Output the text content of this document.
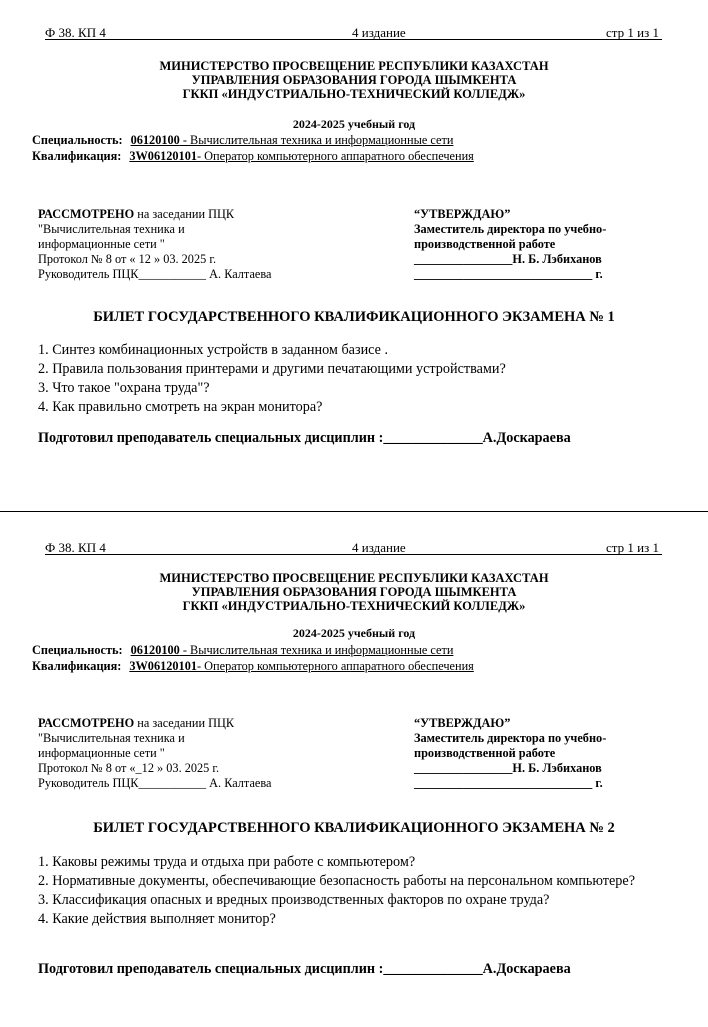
Ф 38. КП 4	4 издание	стр 1 из 1
МИНИСТЕРСТВО ПРОСВЕЩЕНИЕ РЕСПУБЛИКИ КАЗАХСТАН
УПРАВЛЕНИЯ ОБРАЗОВАНИЯ ГОРОДА ШЫМКЕНТА
ГККП «ИНДУСТРИАЛЬНО-ТЕХНИЧЕСКИЙ КОЛЛЕДЖ»
2024-2025 учебный год
Специальность: 06120100 - Вычислительная техника и информационные сети
Квалификация: 3W06120101- Оператор компьютерного аппаратного обеспечения
РАССМОТРЕНО на заседании ПЦК
"Вычислительная техника и
информационные сети "
Протокол № 8 от « 12 » 03. 2025 г.
Руководитель ПЦК___________ А. Калтаева
“УТВЕРЖДАЮ”
Заместитель директора по учебно-
производственной работе
________________Н. Б. Лэбиханов
_____________________________ г.
БИЛЕТ ГОСУДАРСТВЕННОГО КВАЛИФИКАЦИОННОГО ЭКЗАМЕНА № 1
1. Синтез комбинационных устройств в заданном базисе .
2. Правила пользования принтерами и другими печатающими устройствами?
3. Что такое "охрана труда"?
4. Как правильно смотреть на экран монитора?
Подготовил преподаватель специальных дисциплин :______________А.Доскараева
Ф 38. КП 4	4 издание	стр 1 из 1
МИНИСТЕРСТВО ПРОСВЕЩЕНИЕ РЕСПУБЛИКИ КАЗАХСТАН
УПРАВЛЕНИЯ ОБРАЗОВАНИЯ ГОРОДА ШЫМКЕНТА
ГККП «ИНДУСТРИАЛЬНО-ТЕХНИЧЕСКИЙ КОЛЛЕДЖ»
2024-2025 учебный год
Специальность: 06120100 - Вычислительная техника и информационные сети
Квалификация: 3W06120101- Оператор компьютерного аппаратного обеспечения
РАССМОТРЕНО на заседании ПЦК
"Вычислительная техника и
информационные сети "
Протокол № 8 от «_12 » 03. 2025 г.
Руководитель ПЦК___________ А. Калтаева
“УТВЕРЖДАЮ”
Заместитель директора по учебно-
производственной работе
________________Н. Б. Лэбиханов
_____________________________ г.
БИЛЕТ ГОСУДАРСТВЕННОГО КВАЛИФИКАЦИОННОГО ЭКЗАМЕНА № 2
1. Каковы режимы труда и отдыха при работе с компьютером?
2. Нормативные документы, обеспечивающие безопасность работы на персональном компьютере?
3. Классификация опасных и вредных производственных факторов по охране труда?
4. Какие действия выполняет монитор?
Подготовил преподаватель специальных дисциплин :______________А.Доскараева
